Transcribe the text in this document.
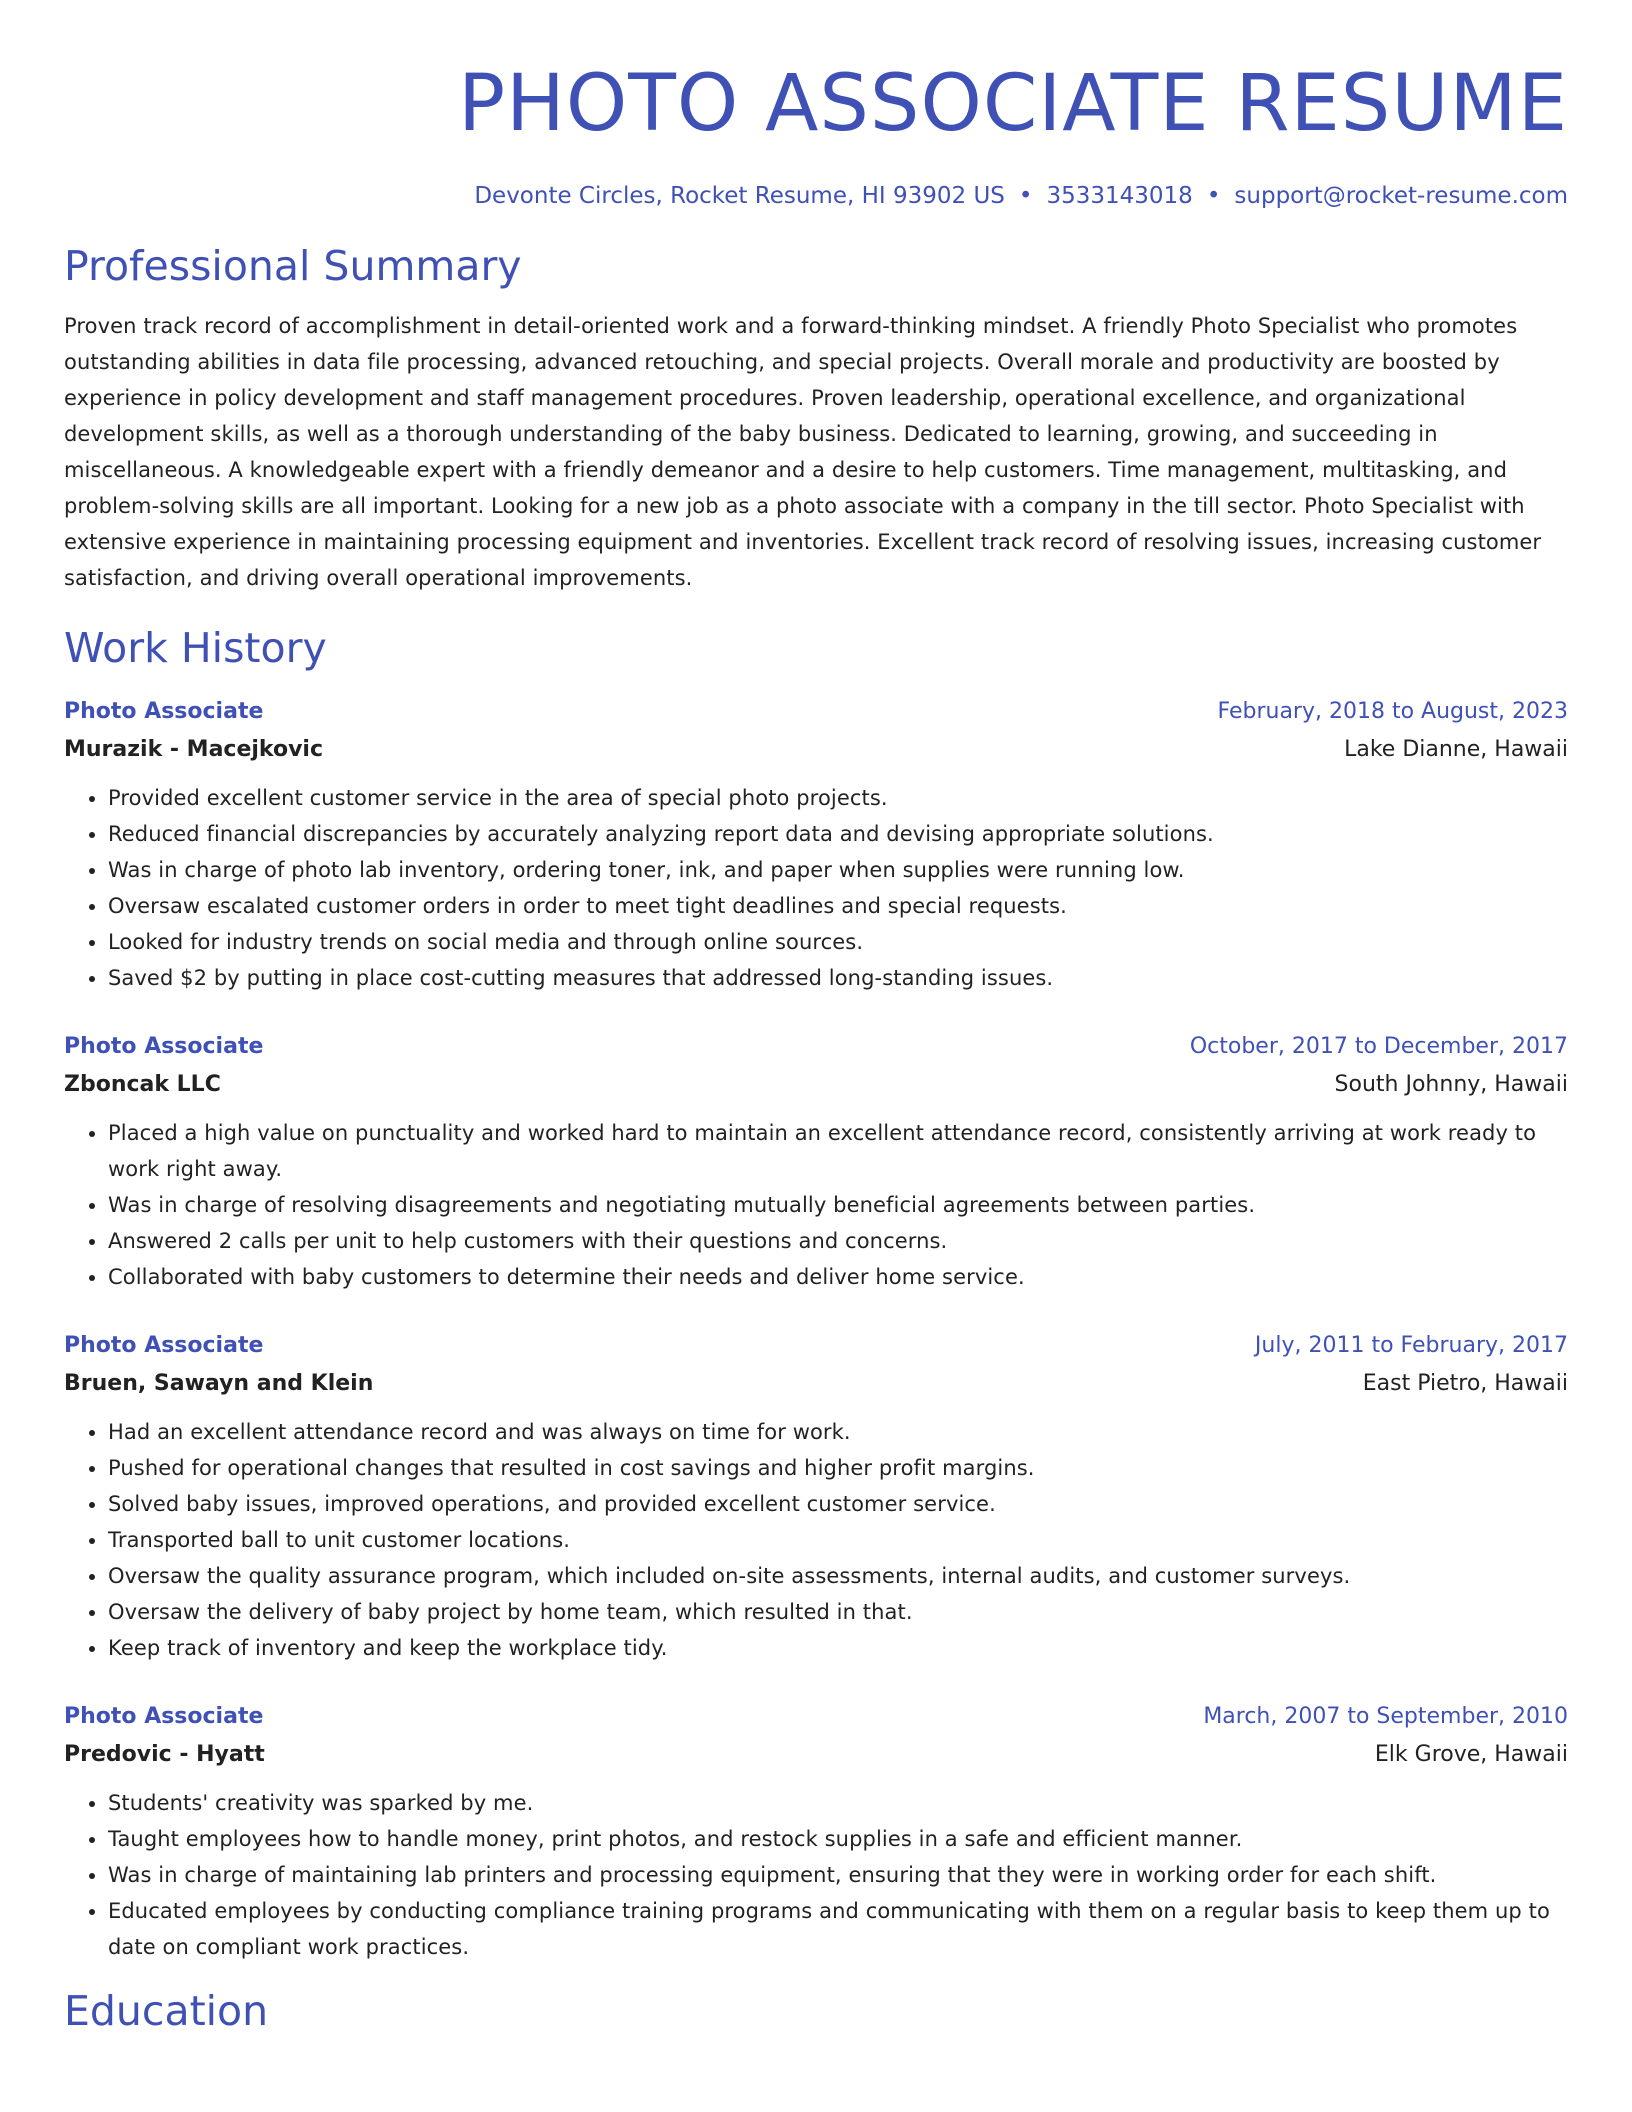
PHOTO ASSOCIATE RESUME
Devonte Circles, Rocket Resume, HI 93902 US • 3533143018 • support@rocket-resume.com
Professional Summary

Proven track record of accomplishment in detail-oriented work and a forward-thinking mindset. A friendly Photo Specialist who promotes outstanding abilities in data file processing, advanced retouching, and special projects. Overall morale and productivity are boosted by experience in policy development and staff management procedures. Proven leadership, operational excellence, and organizational development skills, as well as a thorough understanding of the baby business. Dedicated to learning, growing, and succeeding in miscellaneous. A knowledgeable expert with a friendly demeanor and a desire to help customers. Time management, multitasking, and problem-solving skills are all important. Looking for a new job as a photo associate with a company in the till sector. Photo Specialist with extensive experience in maintaining processing equipment and inventories. Excellent track record of resolving issues, increasing customer satisfaction, and driving overall operational improvements.

Work History
Photo Associate	February, 2018 to August, 2023
Murazik - Macejkovic	Lake Dianne, Hawaii
• Provided excellent customer service in the area of special photo projects.
• Reduced financial discrepancies by accurately analyzing report data and devising appropriate solutions.
• Was in charge of photo lab inventory, ordering toner, ink, and paper when supplies were running low.
• Oversaw escalated customer orders in order to meet tight deadlines and special requests.
• Looked for industry trends on social media and through online sources.
• Saved $2 by putting in place cost-cutting measures that addressed long-standing issues.
Photo Associate	October, 2017 to December, 2017
Zboncak LLC	South Johnny, Hawaii
• Placed a high value on punctuality and worked hard to maintain an excellent attendance record, consistently arriving at work ready to work right away.
• Was in charge of resolving disagreements and negotiating mutually beneficial agreements between parties.
• Answered 2 calls per unit to help customers with their questions and concerns.
• Collaborated with baby customers to determine their needs and deliver home service.
Photo Associate	July, 2011 to February, 2017
Bruen, Sawayn and Klein	East Pietro, Hawaii
• Had an excellent attendance record and was always on time for work.
• Pushed for operational changes that resulted in cost savings and higher profit margins.
• Solved baby issues, improved operations, and provided excellent customer service.
• Transported ball to unit customer locations.
• Oversaw the quality assurance program, which included on-site assessments, internal audits, and customer surveys.
• Oversaw the delivery of baby project by home team, which resulted in that.
• Keep track of inventory and keep the workplace tidy.
Photo Associate	March, 2007 to September, 2010
Predovic - Hyatt	Elk Grove, Hawaii
• Students' creativity was sparked by me.
• Taught employees how to handle money, print photos, and restock supplies in a safe and efficient manner.
• Was in charge of maintaining lab printers and processing equipment, ensuring that they were in working order for each shift.
• Educated employees by conducting compliance training programs and communicating with them on a regular basis to keep them up to date on compliant work practices.
Education
